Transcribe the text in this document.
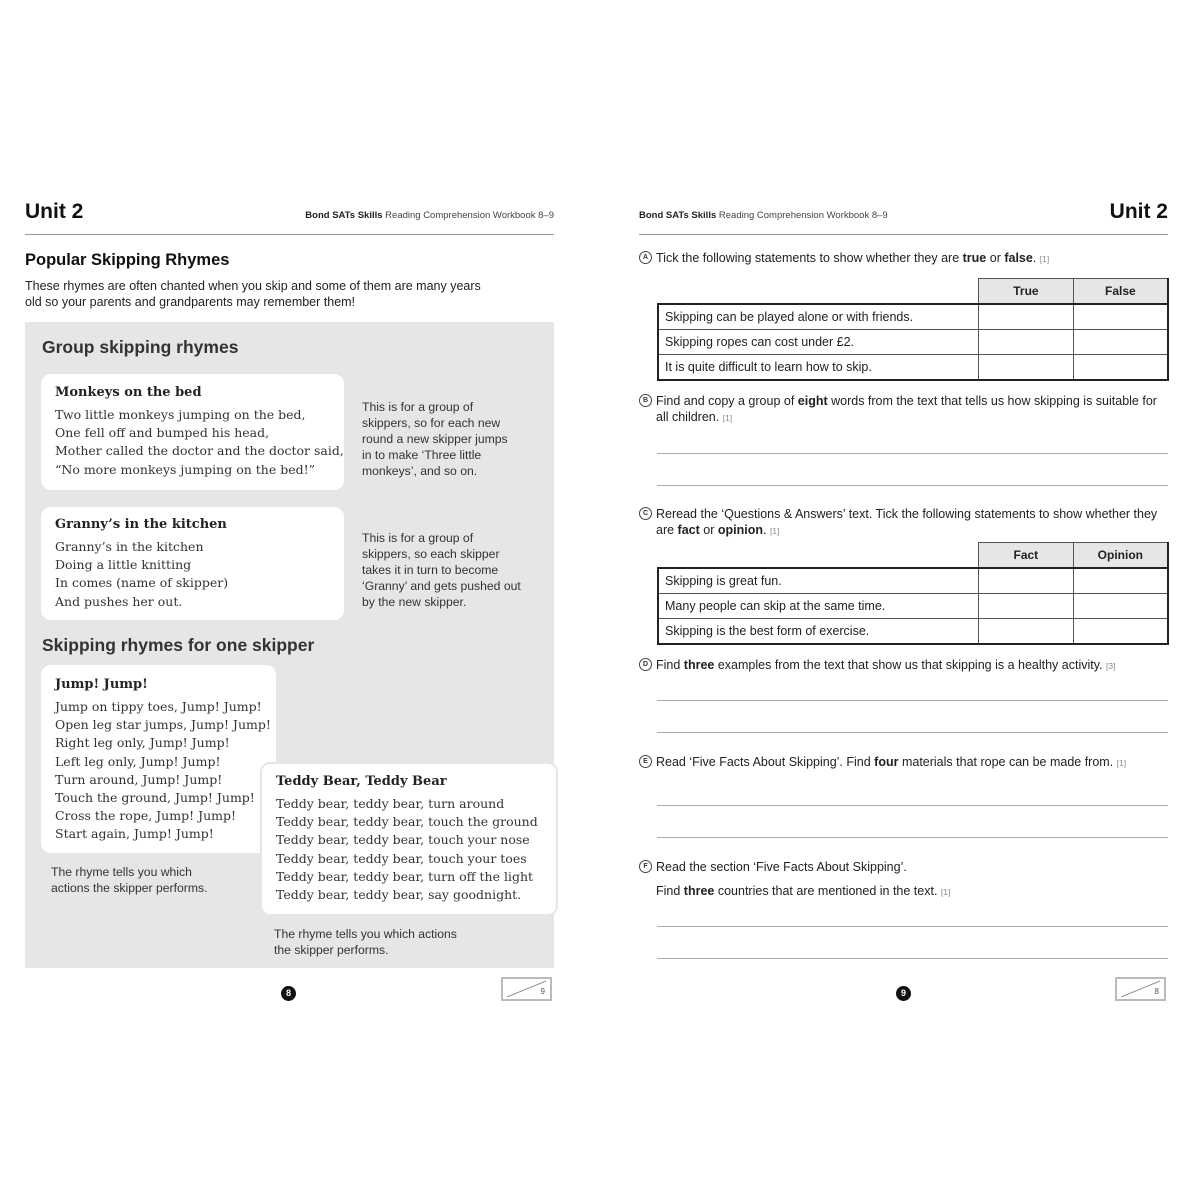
Unit 2	Bond SATs Skills Reading Comprehension Workbook 8–9
Popular Skipping Rhymes
These rhymes are often chanted when you skip and some of them are many years
old so your parents and grandparents may remember them!
Group skipping rhymes
Monkeys on the bed
Two little monkeys jumping on the bed,
One fell off and bumped his head,
Mother called the doctor and the doctor said,
“No more monkeys jumping on the bed!”
This is for a group of
skippers, so for each new
round a new skipper jumps
in to make ‘Three little
monkeys’, and so on.
Granny’s in the kitchen
Granny’s in the kitchen
Doing a little knitting
In comes (name of skipper)
And pushes her out.
This is for a group of
skippers, so each skipper
takes it in turn to become
‘Granny’ and gets pushed out
by the new skipper.
Skipping rhymes for one skipper
Jump! Jump!
Jump on tippy toes, Jump! Jump!
Open leg star jumps, Jump! Jump!
Right leg only, Jump! Jump!
Left leg only, Jump! Jump!
Turn around, Jump! Jump!
Touch the ground, Jump! Jump!
Cross the rope, Jump! Jump!
Start again, Jump! Jump!
The rhyme tells you which
actions the skipper performs.
Teddy Bear, Teddy Bear
Teddy bear, teddy bear, turn around
Teddy bear, teddy bear, touch the ground
Teddy bear, teddy bear, touch your nose
Teddy bear, teddy bear, touch your toes
Teddy bear, teddy bear, turn off the light
Teddy bear, teddy bear, say goodnight.
The rhyme tells you which actions
the skipper performs.
8	9
Bond SATs Skills Reading Comprehension Workbook 8–9	Unit 2
A Tick the following statements to show whether they are true or false. [1]
	True	False
Skipping can be played alone or with friends.		
Skipping ropes can cost under £2.		
It is quite difficult to learn how to skip.		
B Find and copy a group of eight words from the text that tells us how skipping is suitable for all children. [1]
C Reread the ‘Questions & Answers’ text. Tick the following statements to show whether they are fact or opinion. [1]
	Fact	Opinion
Skipping is great fun.		
Many people can skip at the same time.		
Skipping is the best form of exercise.		
D Find three examples from the text that show us that skipping is a healthy activity. [3]
E Read ‘Five Facts About Skipping’. Find four materials that rope can be made from. [1]
F Read the section ‘Five Facts About Skipping’.
Find three countries that are mentioned in the text. [1]
9	8
